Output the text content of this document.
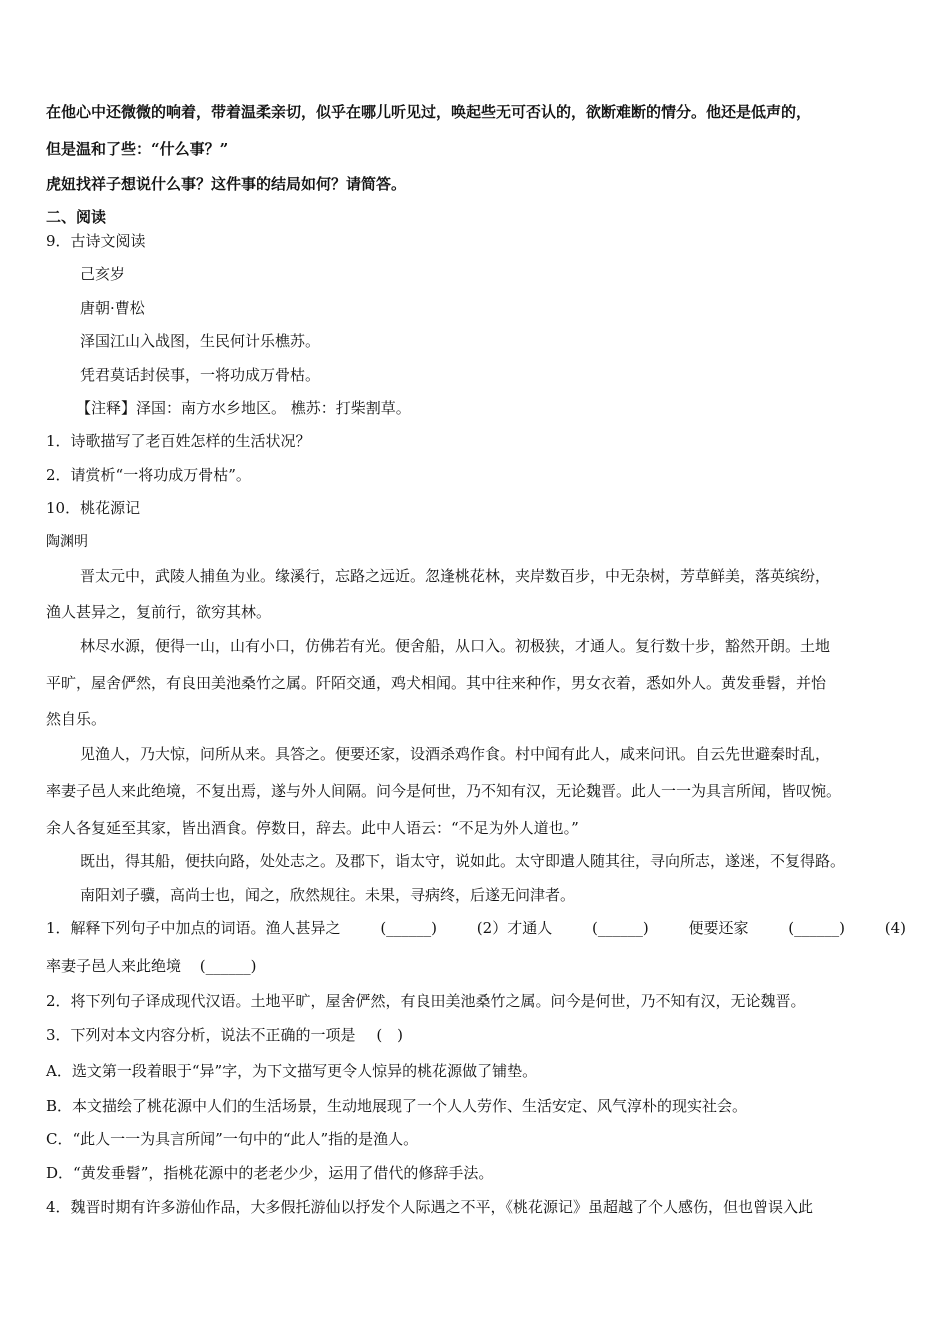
在他心中还微微的响着，带着温柔亲切，似乎在哪儿听见过，唤起些无可否认的，欲断难断的情分。他还是低声的，
但是温和了些：“什么事？”
虎妞找祥子想说什么事？这件事的结局如何？请简答。
二、阅读
9．古诗文阅读
己亥岁
唐朝·曹松
泽国江山入战图，生民何计乐樵苏。
凭君莫话封侯事，一将功成万骨枯。
【注释】泽国：南方水乡地区。 樵苏：打柴割草。
1．诗歌描写了老百姓怎样的生活状况？
2．请赏析“一将功成万骨枯”。
10．桃花源记
陶渊明
晋太元中，武陵人捕鱼为业。缘溪行，忘路之远近。忽逢桃花林，夹岸数百步，中无杂树，芳草鲜美，落英缤纷，
渔人甚异之，复前行，欲穷其林。
林尽水源，便得一山，山有小口，仿佛若有光。便舍船，从口入。初极狭，才通人。复行数十步，豁然开朗。土地
平旷，屋舍俨然，有良田美池桑竹之属。阡陌交通，鸡犬相闻。其中往来种作，男女衣着，悉如外人。黄发垂髫，并怡
然自乐。
见渔人，乃大惊，问所从来。具答之。便要还家，设酒杀鸡作食。村中闻有此人，咸来问讯。自云先世避秦时乱，
率妻子邑人来此绝境，不复出焉，遂与外人间隔。问今是何世，乃不知有汉，无论魏晋。此人一一为具言所闻，皆叹惋。
余人各复延至其家，皆出酒食。停数日，辞去。此中人语云：“不足为外人道也。”
既出，得其船，便扶向路，处处志之。及郡下，诣太守，说如此。太守即遣人随其往，寻向所志，遂迷，不复得路。
南阳刘子骥，高尚士也，闻之，欣然规往。未果，寻病终，后遂无问津者。
1．解释下列句子中加点的词语。渔人甚异之	(______)	(2）才通人	(______)	便要还家	(______)	(4)
率妻子邑人来此绝境 (______)
2．将下列句子译成现代汉语。土地平旷，屋舍俨然，有良田美池桑竹之属。问今是何世，乃不知有汉，无论魏晋。
3．下列对本文内容分析，说法不正确的一项是 (　)
A．选文第一段着眼于“异”字，为下文描写更令人惊异的桃花源做了铺垫。
B．本文描绘了桃花源中人们的生活场景，生动地展现了一个人人劳作、生活安定、风气淳朴的现实社会。
C．“此人一一为具言所闻”一句中的“此人”指的是渔人。
D．“黄发垂髫”，指桃花源中的老老少少，运用了借代的修辞手法。
4．魏晋时期有许多游仙作品，大多假托游仙以抒发个人际遇之不平，《桃花源记》虽超越了个人感伤，但也曾误入此
